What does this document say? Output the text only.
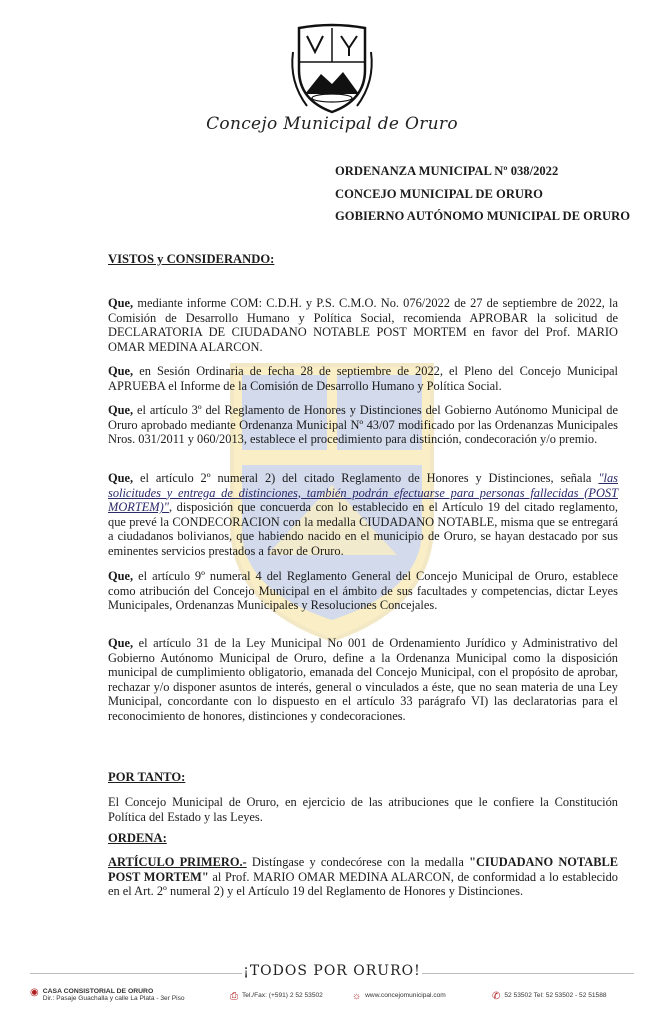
Concejo Municipal de Oruro
ORDENANZA MUNICIPAL Nº 038/2022
CONCEJO MUNICIPAL DE ORURO
GOBIERNO AUTÓNOMO MUNICIPAL DE ORURO
VISTOS y CONSIDERANDO:
Que, mediante informe COM: C.D.H. y P.S. C.M.O. No. 076/2022 de 27 de septiembre de 2022, la Comisión de Desarrollo Humano y Política Social, recomienda APROBAR la solicitud de DECLARATORIA DE CIUDADANO NOTABLE POST MORTEM en favor del Prof. MARIO OMAR MEDINA ALARCON.
Que, en Sesión Ordinaria de fecha 28 de septiembre de 2022, el Pleno del Concejo Municipal APRUEBA el Informe de la Comisión de Desarrollo Humano y Política Social.
Que, el artículo 3º del Reglamento de Honores y Distinciones del Gobierno Autónomo Municipal de Oruro aprobado mediante Ordenanza Municipal Nº 43/07 modificado por las Ordenanzas Municipales Nros. 031/2011 y 060/2013, establece el procedimiento para distinción, condecoración y/o premio.
Que, el artículo 2º numeral 2) del citado Reglamento de Honores y Distinciones, señala "las solicitudes y entrega de distinciones, también podrán efectuarse para personas fallecidas (POST MORTEM)", disposición que concuerda con lo establecido en el Artículo 19 del citado reglamento, que prevé la CONDECORACION con la medalla CIUDADANO NOTABLE, misma que se entregará a ciudadanos bolivianos, que habiendo nacido en el municipio de Oruro, se hayan destacado por sus eminentes servicios prestados a favor de Oruro.
Que, el artículo 9º numeral 4 del Reglamento General del Concejo Municipal de Oruro, establece como atribución del Concejo Municipal en el ámbito de sus facultades y competencias, dictar Leyes Municipales, Ordenanzas Municipales y Resoluciones Concejales.
Que, el artículo 31 de la Ley Municipal No 001 de Ordenamiento Jurídico y Administrativo del Gobierno Autónomo Municipal de Oruro, define a la Ordenanza Municipal como la disposición municipal de cumplimiento obligatorio, emanada del Concejo Municipal, con el propósito de aprobar, rechazar y/o disponer asuntos de interés, general o vinculados a éste, que no sean materia de una Ley Municipal, concordante con lo dispuesto en el artículo 33 parágrafo VI) las declaratorias para el reconocimiento de honores, distinciones y condecoraciones.
POR TANTO:
El Concejo Municipal de Oruro, en ejercicio de las atribuciones que le confiere la Constitución Política del Estado y las Leyes.
ORDENA:
ARTÍCULO PRIMERO.- Distíngase y condecórese con la medalla "CIUDADANO NOTABLE POST MORTEM" al Prof. MARIO OMAR MEDINA ALARCON, de conformidad a lo establecido en el Art. 2º numeral 2) y el Artículo 19 del Reglamento de Honores y Distinciones.
¡TODOS POR ORURO!
◉ CASA CONSISTORIAL DE ORURO
Dir.: Pasaje Guachalla y calle La Plata - 3er Piso	⎙ Tel./Fax: (+591) 2 52 53502	☼ www.concejomunicipal.com	✆ 52 53502 Tel: 52 53502 - 52 51588
